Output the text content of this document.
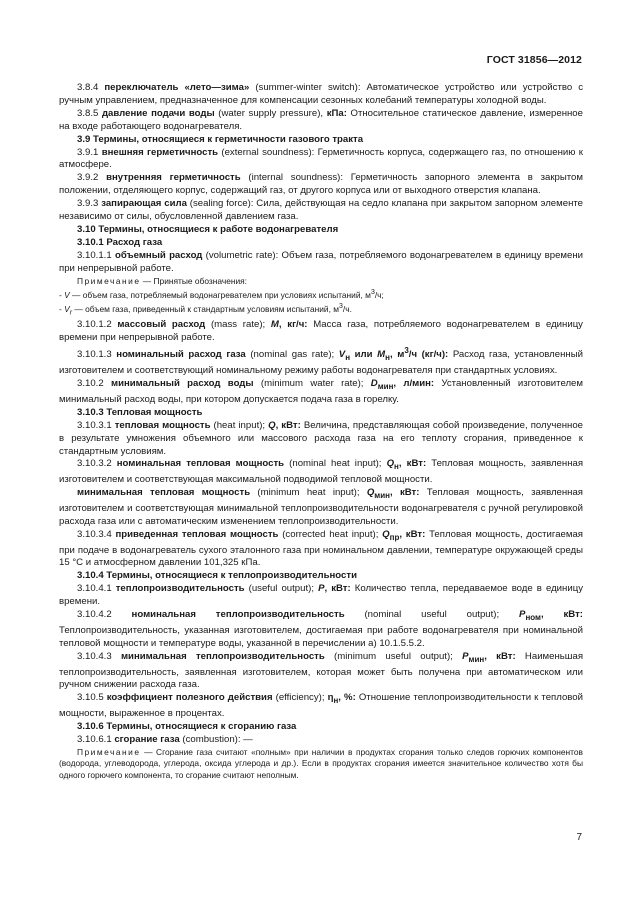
ГОСТ 31856—2012

3.8.4 переключатель «лето—зима» (summer-winter switch): Автоматическое устройство или устройство с ручным управлением, предназначенное для компенсации сезонных колебаний температуры холодной воды.

3.8.5 давление подачи воды (water supply pressure), кПа: Относительное статическое давление, измеренное на входе работающего водонагревателя.

3.9 Термины, относящиеся к герметичности газового тракта

3.9.1 внешняя герметичность (external soundness): Герметичность корпуса, содержащего газ, по отношению к атмосфере.

3.9.2 внутренняя герметичность (internal soundness): Герметичность запорного элемента в закрытом положении, отделяющего корпус, содержащий газ, от другого корпуса или от выходного отверстия клапана.

3.9.3 запирающая сила (sealing force): Сила, действующая на седло клапана при закрытом запорном элементе независимо от силы, обусловленной давлением газа.

3.10 Термины, относящиеся к работе водонагревателя

3.10.1 Расход газа

3.10.1.1 объемный расход (volumetric rate): Объем газа, потребляемого водонагревателем в единицу времени при непрерывной работе.

Примечание — Принятые обозначения:
- V — объем газа, потребляемый водонагревателем при условиях испытаний, $м^3/ч$;
- $V_r$ — объем газа, приведенный к стандартным условиям испытаний, $м^3/ч$.

3.10.1.2 массовый расход (mass rate); M, кг/ч: Масса газа, потребляемого водонагревателем в единицу времени при непрерывной работе.

3.10.1.3 номинальный расход газа (nominal gas rate); $V_н$ или $M_н$, $м^3/ч$ (кг/ч): Расход газа, установленный изготовителем и соответствующий номинальному режиму работы водонагревателя при стандартных условиях.

3.10.2 минимальный расход воды (minimum water rate); $D_{мин}$, л/мин: Установленный изготовителем минимальный расход воды, при котором допускается подача газа в горелку.

3.10.3 Тепловая мощность

3.10.3.1 тепловая мощность (heat input); Q, кВт: Величина, представляющая собой произведение, полученное в результате умножения объемного или массового расхода газа на его теплоту сгорания, приведенное к стандартным условиям.

3.10.3.2 номинальная тепловая мощность (nominal heat input); $Q_н$, кВт: Тепловая мощность, заявленная изготовителем и соответствующая максимальной подводимой тепловой мощности.

минимальная тепловая мощность (minimum heat input); $Q_{мин}$, кВт: Тепловая мощность, заявленная изготовителем и соответствующая минимальной теплопроизводительности водонагревателя с ручной регулировкой расхода газа или с автоматическим изменением теплопроизводительности.

3.10.3.4 приведенная тепловая мощность (corrected heat input); $Q_{пр}$, кВт: Тепловая мощность, достигаемая при подаче в водонагреватель сухого эталонного газа при номинальном давлении, температуре окружающей среды 15 °С и атмосферном давлении 101,325 кПа.

3.10.4 Термины, относящиеся к теплопроизводительности

3.10.4.1 теплопроизводительность (useful output); P, кВт: Количество тепла, передаваемое воде в единицу времени.

3.10.4.2 номинальная теплопроизводительность (nominal useful output); $P_{ном}$, кВт: Теплопроизводительность, указанная изготовителем, достигаемая при работе водонагревателя при номинальной тепловой мощности и температуре воды, указанной в перечислении а) 10.1.5.5.2.

3.10.4.3 минимальная теплопроизводительность (minimum useful output); $P_{мин}$, кВт: Наименьшая теплопроизводительность, заявленная изготовителем, которая может быть получена при автоматическом или ручном снижении расхода газа.

3.10.5 коэффициент полезного действия (efficiency); $\eta_н$, %: Отношение теплопроизводительности к тепловой мощности, выраженное в процентах.

3.10.6 Термины, относящиеся к сгоранию газа

3.10.6.1 сгорание газа (combustion): —

Примечание — Сгорание газа считают «полным» при наличии в продуктах сгорания только следов горючих компонентов (водорода, углеводорода, углерода, оксида углерода и др.). Если в продуктах сгорания имеется значительное количество хотя бы одного горючего компонента, то сгорание считают неполным.

7
